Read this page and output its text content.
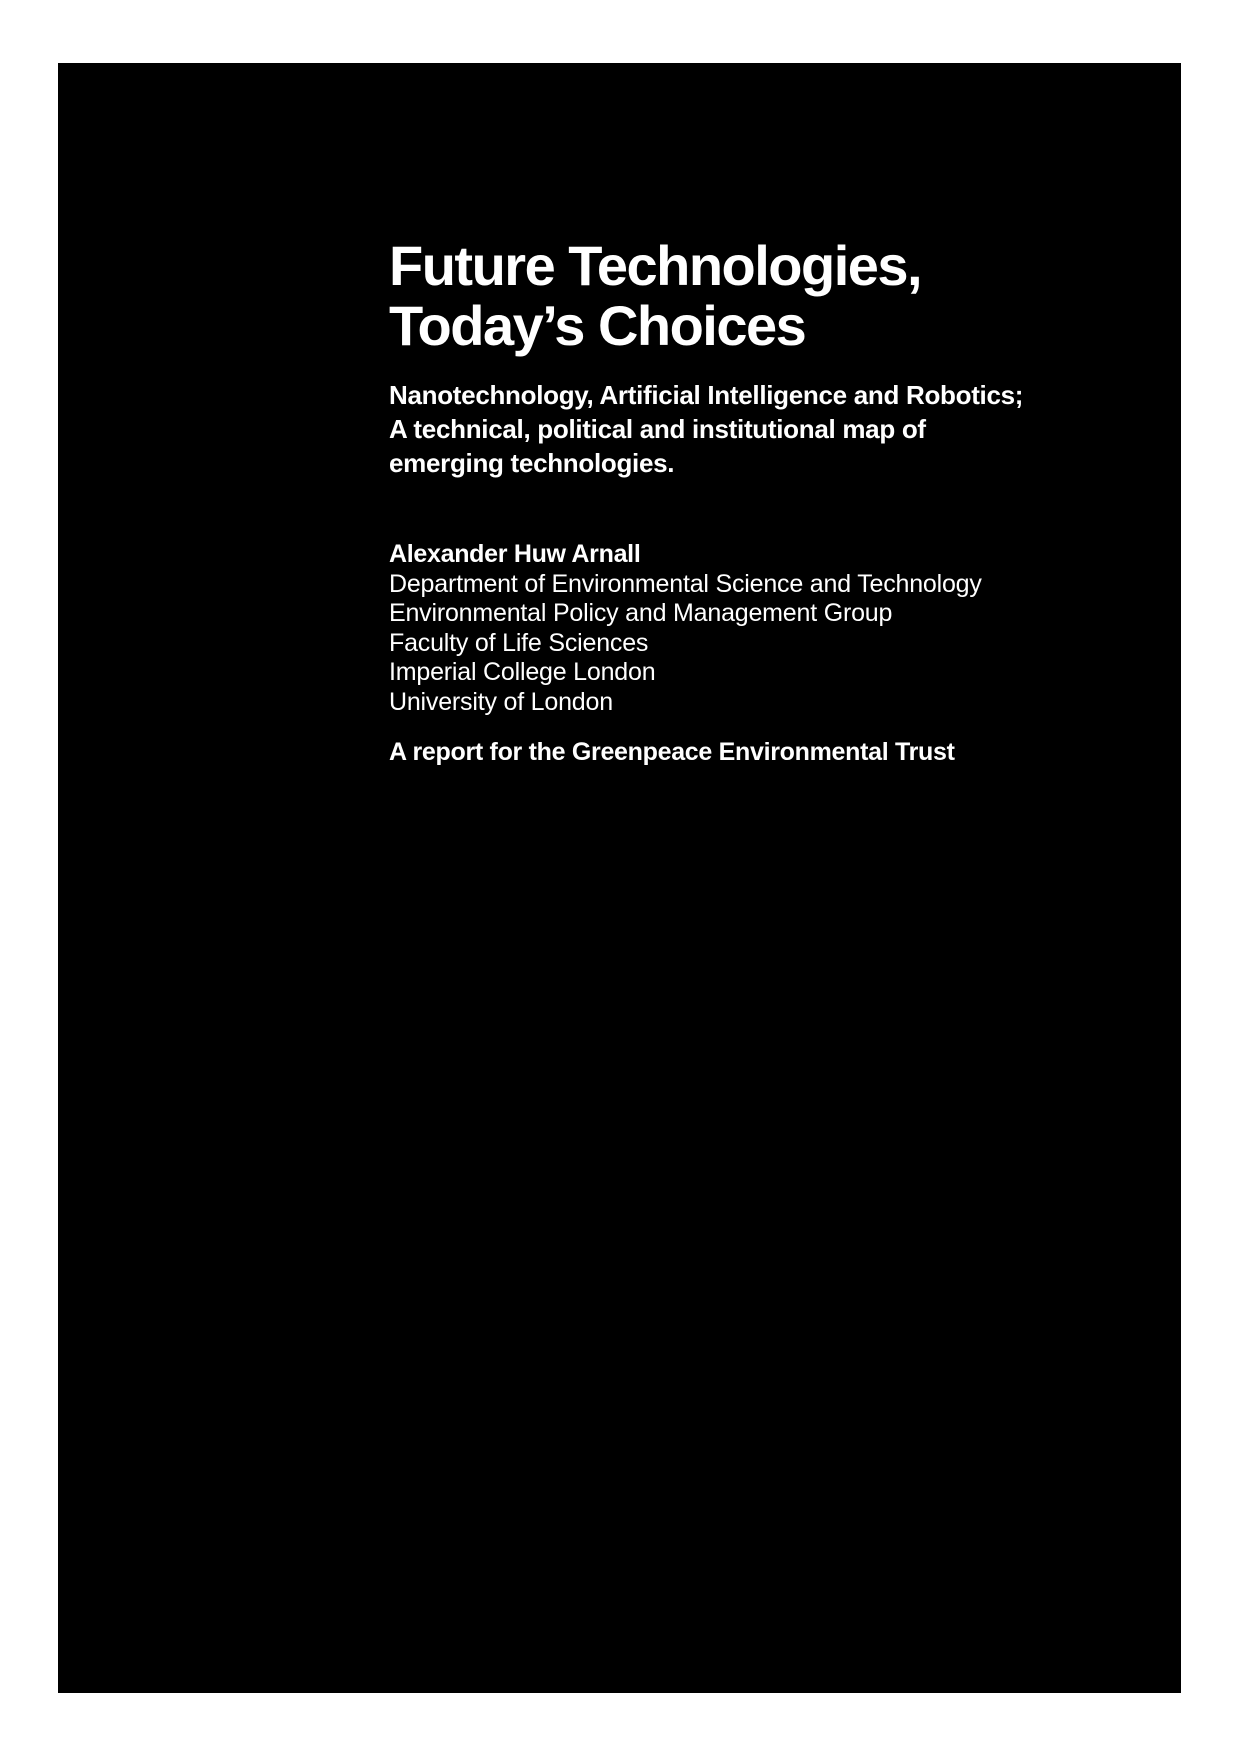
Future Technologies,
Today’s Choices

Nanotechnology, Artificial Intelligence and Robotics;
A technical, political and institutional map of
emerging technologies.

Alexander Huw Arnall
Department of Environmental Science and Technology
Environmental Policy and Management Group
Faculty of Life Sciences
Imperial College London
University of London
A report for the Greenpeace Environmental Trust
